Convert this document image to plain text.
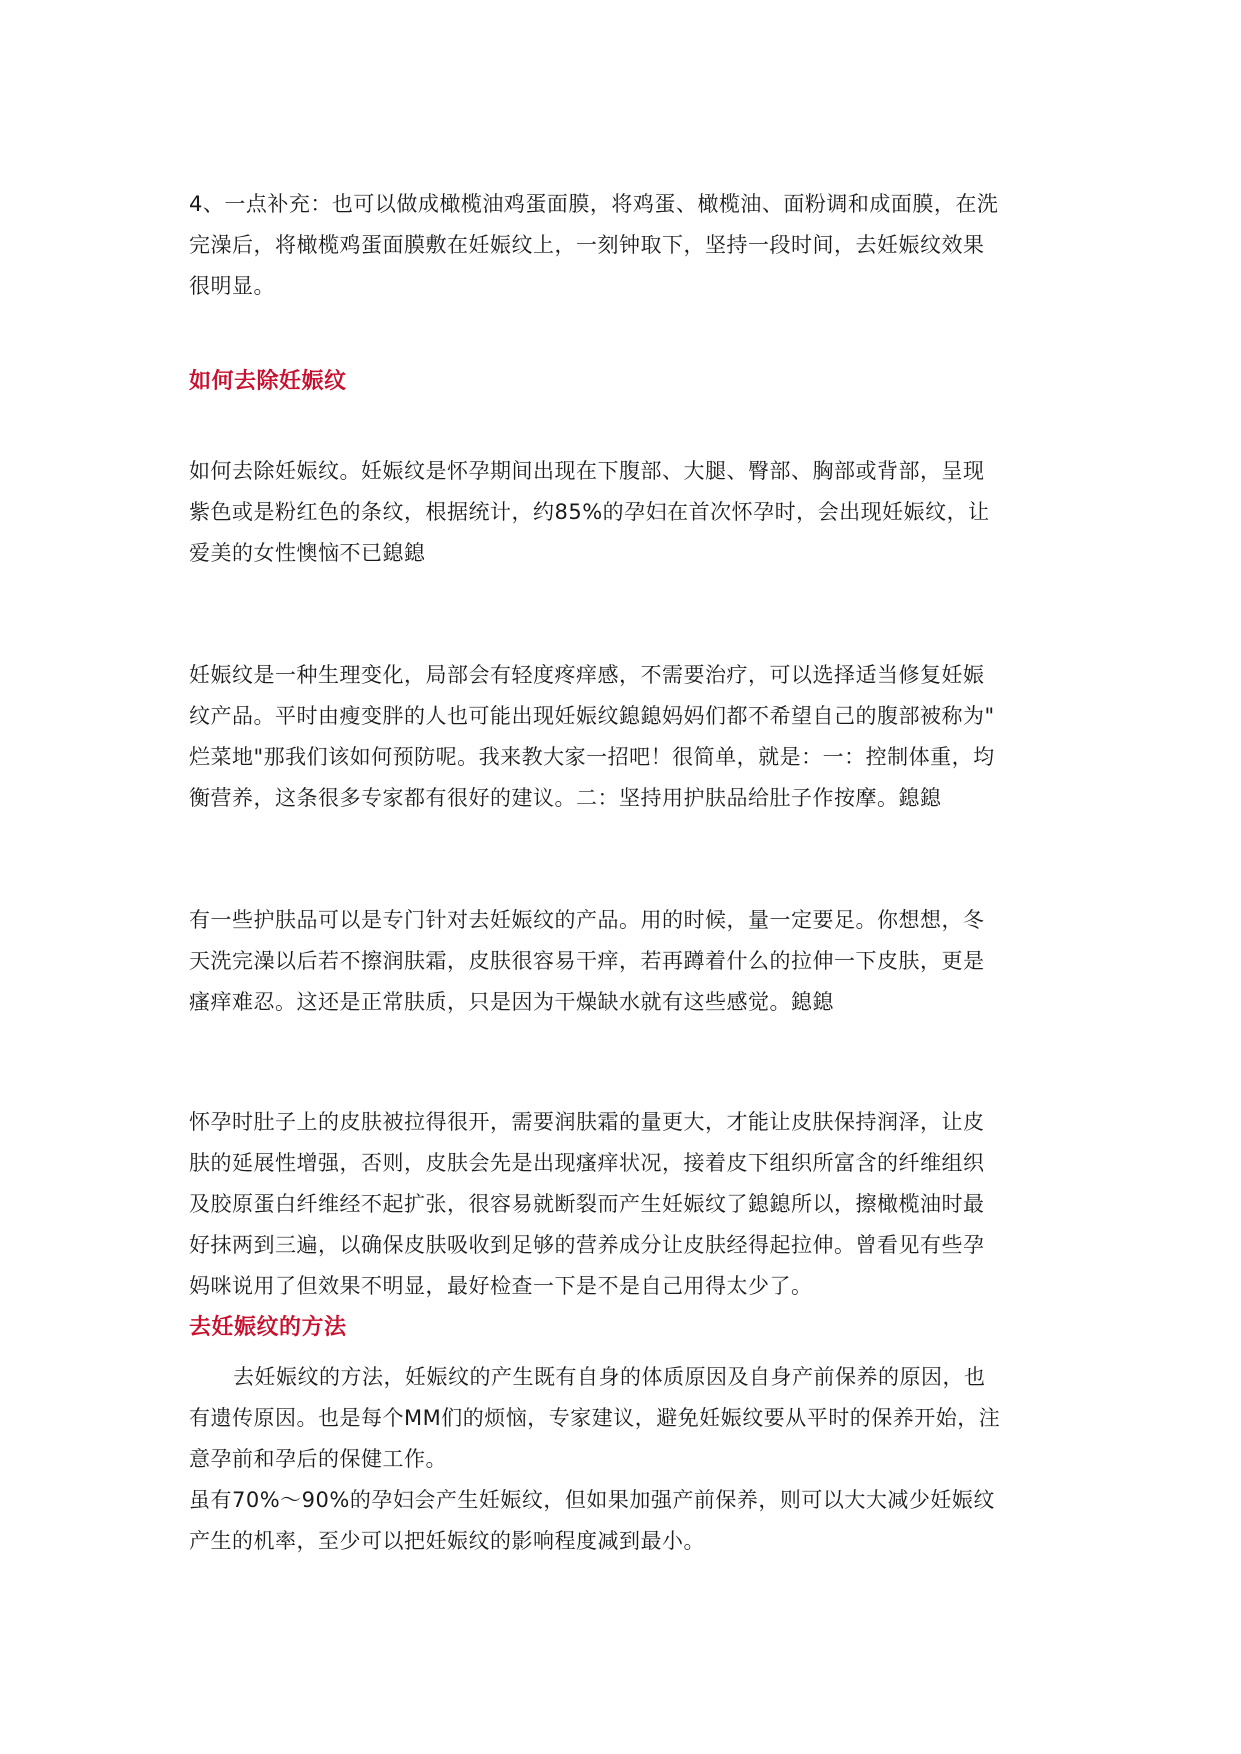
4、一点补充：也可以做成橄榄油鸡蛋面膜，将鸡蛋、橄榄油、面粉调和成面膜，在洗
完澡后，将橄榄鸡蛋面膜敷在妊娠纹上，一刻钟取下，坚持一段时间，去妊娠纹效果
很明显。
如何去除妊娠纹
如何去除妊娠纹。妊娠纹是怀孕期间出现在下腹部、大腿、臀部、胸部或背部，呈现
紫色或是粉红色的条纹，根据统计，约85%的孕妇在首次怀孕时，会出现妊娠纹，让
爱美的女性懊恼不已鎴鎴
妊娠纹是一种生理变化，局部会有轻度疼痒感，不需要治疗，可以选择适当修复妊娠
纹产品。平时由瘦变胖的人也可能出现妊娠纹鎴鎴妈妈们都不希望自己的腹部被称为"
烂菜地"那我们该如何预防呢。我来教大家一招吧！很简单，就是：一：控制体重，均
衡营养，这条很多专家都有很好的建议。二：坚持用护肤品给肚子作按摩。鎴鎴
有一些护肤品可以是专门针对去妊娠纹的产品。用的时候，量一定要足。你想想，冬
天洗完澡以后若不擦润肤霜，皮肤很容易干痒，若再蹲着什么的拉伸一下皮肤，更是
瘙痒难忍。这还是正常肤质，只是因为干燥缺水就有这些感觉。鎴鎴
怀孕时肚子上的皮肤被拉得很开，需要润肤霜的量更大，才能让皮肤保持润泽，让皮
肤的延展性增强，否则，皮肤会先是出现瘙痒状况，接着皮下组织所富含的纤维组织
及胶原蛋白纤维经不起扩张，很容易就断裂而产生妊娠纹了鎴鎴所以，擦橄榄油时最
好抹两到三遍，以确保皮肤吸收到足够的营养成分让皮肤经得起拉伸。曾看见有些孕
妈咪说用了但效果不明显，最好检查一下是不是自己用得太少了。
去妊娠纹的方法
去妊娠纹的方法，妊娠纹的产生既有自身的体质原因及自身产前保养的原因，也
有遗传原因。也是每个MM们的烦恼，专家建议，避免妊娠纹要从平时的保养开始，注
意孕前和孕后的保健工作。
虽有70%～90%的孕妇会产生妊娠纹，但如果加强产前保养，则可以大大减少妊娠纹
产生的机率，至少可以把妊娠纹的影响程度减到最小。
